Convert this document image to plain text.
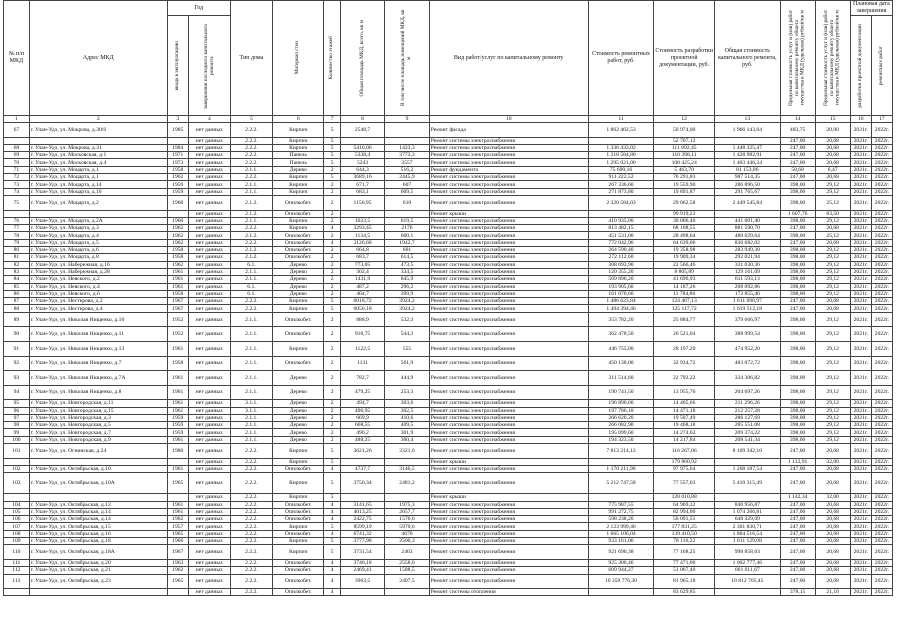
№ п/п МКД	Адрес МКД	Год		Тип дома	Материал стен	Количество этажей	Общая площадь МКД, всего, кв м	В том числе площадь помещений МКД, кв м	Вид работ/услуг по капитальному ремонту	Стоимость ремонтных работ, руб.	Стоимость разработки проектной документации, руб.	Общая стоимость капитального ремонта, руб.	Предельная стоимость услуг и (или) работ по капитальному ремонту общего имущества в МКД (удельная) рублей/кв м	Предельная стоимость услуг и (или) работ по капитальному ремонту общего имущества в МКД (удельная) рублей/кв м	Плановая дата завершения	

		ввода в эксплуатацию	завершения последнего капитального ремонта												разработки проектной документации	ремонтных работ

1	2	3	4	5	6	7	8	9	10	11	12	13	14	15	16	17
67	г. Улан-Удэ, ул. Мокрова, д.30/6	1985	нет данных	2.2.2.	Кирпич	5	2548,7		Ремонт фасада	1 862 462,53	50 974,00	1 966 143,64	483,75	20,00	2021г.	2022г.
			нет данных	2.2.2.	Кирпич	5			Ремонт системы электроснабжения		52 707,12		247,00	20,68	2021г.	2022г.
68	г. Улан-Удэ, ул. Мокрова, д.31	1984	нет данных	2.2.2.	Кирпич	5	5410,06	1423,3	Ремонт системы электроснабжения	1 336 433,02	111 892,45	1 448 325,47	247,00	20,68	2021г.	2022г.
69	г. Улан-Удэ, ул. Московская, д.1	1971	нет данных	2.2.2.	Панель	5	5338,4	3773,3	Ремонт системы электроснабжения	1 318 584,80	110 398,11	1 428 982,91	247,00	20,68	2021г.	2022г.
70	г. Улан-Удэ, ул. Московская, д.4	1973	нет данных	2.2.2.	Панель	5	5243	3557	Ремонт системы электроснабжения	1 295 021,00	108 425,24	1 403 446,24	247,00	20,68	2021г.	2022г.
71	г. Улан-Удэ, ул. Моцарта, д.1	1958	нет данных	2.1.1.	Дерево	2	644,3	516,2	Ремонт фундамента	75 690,16	5 463,70	81 153,86	58,68	6,47	2021г.	2022г.
72	г. Улан-Удэ, ул. Моцарта, д.1	1962	нет данных	2.2.2.	Кирпич	5	3689,16	2445,9	Ремонт системы электроснабжения	911 222,52	76 291,83	987 514,35	247,00	20,68	2021г.	2022г.
73	г. Улан-Удэ, ул. Моцарта, д.14	1959	нет данных	2.1.1.	Кирпич	2	671,7	607	Ремонт системы электроснабжения	267 336,60	19 559,90	286 896,50	398,00	29,12	2021г.	2022г.
74	г. Улан-Удэ, ул. Моцарта, д.16	1959	нет данных	2.1.1.	Кирпич	2	683,1	609,5	Ремонт системы электроснабжения	271 873,80	19 891,87	291 765,67	398,00	29,12	2021г.	2022г.
75	г. Улан-Удэ, ул. Моцарта, д.2	1960	нет данных	2.1.2.	Опилкобет.	2	1156,95	610	Ремонт системы электроснабжения	2 320 584,03	29 062,58	2 449 545,84	398,00	25,12	2021г.	2022г.
			нет данных	2.1.2.	Опилкобет.	2			Ремонт крыши		99 919,23		1 607,76	83,50	2021г.	2022г.
76	г. Улан-Удэ, ул. Моцарта, д.2А	1960	нет данных	2.1.1.	Кирпич	2	1033,5	619,5	Ремонт системы электроснабжения	410 935,00	30 066,40	441 001,40	398,00	29,12	2021г.	2022г.
77	г. Улан-Удэ, ул. Моцарта, д.3	1962	нет данных	2.2.2.	Кирпич	4	3293,45	2176	Ремонт системы электроснабжения	813 482,15	68 108,55	881 590,70	247,00	20,68	2021г.	2022г.
78	г. Улан-Удэ, ул. Моцарта, д.4	1962	нет данных	2.1.2.	Опилкобет.	2	1134,5	600,1	Ремонт системы электроснабжения	451 531,00	28 498,64	480 029,64	398,00	25,12	2021г.	2022г.
79	г. Улан-Удэ, ул. Моцарта, д.5	1962	нет данных	2.2.2.	Опилкобет.	4	3126,68	1942,7	Ремонт системы электроснабжения	772 042,96	64 639,06	836 682,02	247,00	20,68	2021г.	2022г.
80	г. Улан-Удэ, ул. Моцарта, д.6	1958	нет данных	2.1.2.	Опилкобет.	2	664,8	601	Ремонт системы электроснабжения	264 590,40	19 358,98	283 949,38	398,00	29,12	2021г.	2022г.
81	г. Улан-Удэ, ул. Моцарта, д.8	1958	нет данных	2.1.2.	Опилкобет.	2	683,7	614,5	Ремонт системы электроснабжения	272 112,60	19 909,34	292 021,94	398,00	29,12	2021г.	2022г.
82	г. Улан-Удэ, ул. Набережная, д.16	1962	нет данных	6.1.	Дерево	2	773,05	473,5	Ремонт системы электроснабжения	308 693,90	22 566,46	331 030,36	398,00	29,12	2021г.	2022г.
83	г. Улан-Удэ, ул. Набережная, д.28	1961	нет данных	2.1.1.	Дерево	2	302,4	334,5	Ремонт системы электроснабжения	120 355,20	8 805,89	129 161,09	398,00	29,12	2021г.	2022г.
84	г. Улан-Удэ, ул. Невского, д.2	1961	нет данных	2.1.1.	Дерево	2	1431,9	845,9	Ремонт системы электроснабжения	569 896,20	41 696,93	611 593,13	398,00	29,12	2021г.	2022г.
85	г. Улан-Удэ, ул. Невского, д.4	1961	нет данных	6.1.	Дерево	2	487,2	296,2	Ремонт системы электроснабжения	193 905,60	14 187,26	208 092,86	398,00	29,12	2021г.	2022г.
86	г. Улан-Удэ, ул. Невского, д.6	1958	нет данных	6.1.	Дерево	2	404,7	399,9	Ремонт системы электроснабжения	161 070,60	11 784,86	172 855,46	398,00	29,12	2021г.	2022г.
87	г. Улан-Удэ, ул. Нестерова, д.2	1967	нет данных	2.2.2.	Кирпич	5	6018,72	3924,2	Ремонт системы электроснабжения	1 486 623,84	124 467,13	1 611 090,97	247,00	20,68	2021г.	2022г.
88	г. Улан-Удэ, ул. Нестерова, д.4	1967	нет данных	2.2.2.	Кирпич	5	6050,18	3924,2	Ремонт системы электроснабжения	1 494 394,46	125 117,72	1 619 512,18	247,00	20,68	2021г.	2022г.
89	г. Улан-Удэ, ул. Николая Нищенко, д.10	1952	нет данных	2.1.1.	Опилкобет.	2	888,9	532,3	Ремонт системы электроснабжения	353 782,20	25 884,77	379 666,97	398,00	29,12	2021г.	2022г.
90	г. Улан-Удэ, ул. Николая Нищенко, д.11	1952	нет данных	2.1.1.	Опилкобет.	2	910,75	544,3	Ремонт системы электроснабжения	362 478,50	26 521,04	388 999,54	398,00	29,12	2021г.	2022г.
91	г. Улан-Удэ, ул. Николая Нищенко, д.13	1961	нет данных	2.1.1.	Кирпич	2	1122,5	555	Ремонт системы электроснабжения	446 755,00	28 197,20	474 952,20	398,00	29,12	2021г.	2022г.
92	г. Улан-Удэ, ул. Николая Нищенко, д.7	1958	нет данных	2.1.1.	Опилкобет.	2	1131	561,9	Ремонт системы электроснабжения	450 138,00	32 934,72	483 072,72	398,00	29,12	2021г.	2022г.
93	г. Улан-Удэ, ул. Николая Нищенко, д.7А	1961	нет данных	2.1.1.	Дерево	2	782,7	444,9	Ремонт системы электроснабжения	311 514,60	22 792,22	334 306,82	398,00	29,12	2021г.	2022г.
94	г. Улан-Удэ, ул. Николая Нищенко, д.8	1961	нет данных	2.1.1.	Дерево	2	479,25	253,3	Ремонт системы электроснабжения	190 741,50	13 955,76	204 697,26	398,00	29,12	2021г.	2022г.
95	г. Улан-Удэ, ул. Новгородская, д.11	1961	нет данных	3.1.1.	Дерево	2	494,7	303,6	Ремонт системы электроснабжения	196 890,60	14 405,66	211 296,26	398,00	29,12	2021г.	2022г.
96	г. Улан-Удэ, ул. Новгородская, д.15	1961	нет данных	3.1.1.	Дерево	2	496,95	302,5	Ремонт системы электроснабжения	197 786,10	14 471,18	212 257,28	398,00	29,12	2021г.	2022г.
97	г. Улан-Удэ, ул. Новгородская, д.3	1959	нет данных	2.1.1.	Дерево	2	669,9	410,6	Ремонт системы электроснабжения	266 620,20	19 507,49	286 127,69	398,00	29,12	2021г.	2022г.
98	г. Улан-Удэ, ул. Новгородская, д.5	1959	нет данных	2.1.1.	Дерево	2	668,55	409,5	Ремонт системы электроснабжения	266 082,90	19 468,18	285 551,08	398,00	29,12	2021г.	2022г.
99	г. Улан-Удэ, ул. Новгородская, д.7	1959	нет данных	2.1.1.	Дерево	2	490,2	301,9	Ремонт системы электроснабжения	195 099,60	14 274,62	209 374,22	398,00	29,12	2021г.	2022г.
100	г. Улан-Удэ, ул. Новгородская, д.9	1961	нет данных	2.1.1.	Дерево	2	488,25	300,4	Ремонт системы электроснабжения	194 323,50	14 217,84	208 541,34	398,00	29,12	2021г.	2022г.
101	г. Улан-Удэ, ул. Огнинская, д.24	1980	нет данных	2.2.2.	Кирпич	5	3621,26	3321,6	Ремонт системы электроснабжения	7 813 214,12	116 267,06	8 109 342,10	247,00	20,68	2021г.	2022г.
			нет данных	2.2.2.	Кирпич	5			Ремонт крыши		179 860,92		1 112,91	32,00	2021г.	2022г.
102	г. Улан-Удэ, ул. Октябрьская, д.10	1961	нет данных	2.2.2.	Опилкобет.	4	4737,7	3146,5	Ремонт системы электроснабжения	1 170 211,90	97 975,64	1 268 187,54	247,00	20,68	2021г.	2022г.
103	г. Улан-Удэ, ул. Октябрьская, д.10А	1965	нет данных	2.2.2.	Кирпич	5	3750,34	2481,2	Ремонт системы электроснабжения	5 212 747,58	77 557,03	5 410 315,49	247,00	20,68	2021г.	2022г.
			нет данных	2.2.2.	Кирпич	5			Ремонт крыши		120 010,88		1 142,34	32,00	2021г.	2022г.
104	г. Улан-Удэ, ул. Октябрьская, д.12	1961	нет данных	2.2.2.	Опилкобет.	4	3141,65	1975,3	Ремонт системы электроснабжения	775 987,55	64 969,32	840 956,87	247,00	20,68	2021г.	2022г.
105	г. Улан-Удэ, ул. Октябрьская, д.14	1961	нет данных	2.2.2.	Опилкобет.	4	4013,25	2657,7	Ремонт системы электроснабжения	991 272,75	82 994,00	1 074 266,81	247,00	20,68	2021г.	2022г.
106	г. Улан-Удэ, ул. Октябрьская, д.14	1962	нет данных	2.2.2.	Опилкобет.	4	2422,75	1576,6	Ремонт системы электроснабжения	598 238,20	50 091,51	648 329,09	247,00	20,68	2021г.	2022г.
107	г. Улан-Удэ, ул. Октябрьская, д.15	1957	нет данных	2.2.2.	Кирпич	5	8599,19	5970,6	Ремонт системы электроснабжения	2 123 999,46	177 831,25	2 301 830,71	247,00	20,68	2021г.	2022г.
108	г. Улан-Удэ, ул. Октябрьская, д.16	1965	нет данных	2.2.2.	Опилкобет.	4	6741,32	4670	Ремонт системы электроснабжения	1 665 106,04	139 410,50	1 804 516,54	247,00	20,68	2021г.	2022г.
109	г. Улан-Удэ, ул. Октябрьская, д.18	1966	нет данных	2.2.2.	Кирпич	5	3777,98	2500,3	Ремонт системы электроснабжения	933 161,06	78 116,22	1 011 129,08	247,00	20,68	2021г.	2022г.
110	г. Улан-Удэ, ул. Октябрьская, д.18А	1967	нет данных	2.2.2.	Кирпич	5	3731,54	2463	Ремонт системы электроснабжения	921 690,38	77 168,25	998 858,63	247,00	20,68	2021г.	2022г.
111	г. Улан-Удэ, ул. Октябрьская, д.20	1963	нет данных	2.2.2.	Опилкобет.	4	3746,18	2558,6	Ремонт системы электроснабжения	925 306,46	77 471,00	1 002 777,46	247,00	20,68	2021г.	2022г.
112	г. Улан-Удэ, ул. Октябрьская, д.21	1962	нет данных	2.2.2.	Опилкобет.	4	2469,41	1588,5	Ремонт системы электроснабжения	609 944,27	51 067,40	661 011,67	247,00	20,68	2021г.	2022г.
113	г. Улан-Удэ, ул. Октябрьская, д.23	1965	нет данных	2.2.2.	Опилкобет.	4	3963,5	2407,5	Ремонт системы электроснабжения	10 359 776,30	81 965,18	10 812 705,45	247,00	20,68	2021г.	2022г.
			нет данных	2.2.2.	Опилкобет.	4			Ремонт системы отопления		83 629,85		378,15	21,10	2021г.	2022г.
